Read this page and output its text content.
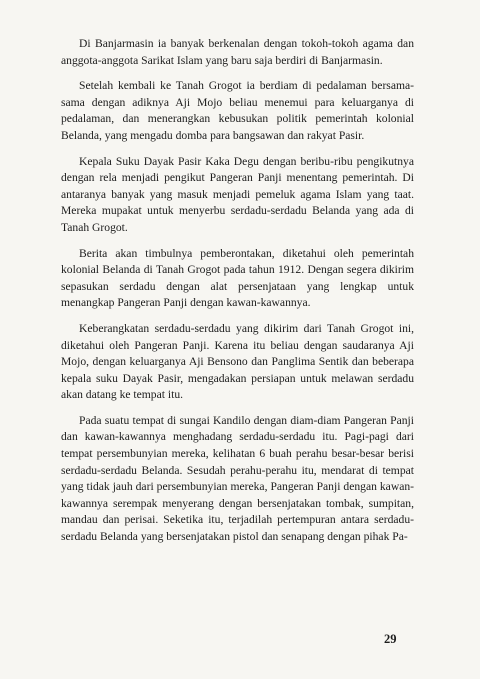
Di Banjarmasin ia banyak berkenalan dengan tokoh-tokoh agama dan anggota-anggota Sarikat Islam yang baru saja berdiri di Banjarmasin.

Setelah kembali ke Tanah Grogot ia berdiam di pedalaman bersama-sama dengan adiknya Aji Mojo beliau menemui para keluarganya di pedalaman, dan menerangkan kebusukan politik pemerintah kolonial Belanda, yang mengadu domba para bangsawan dan rakyat Pasir.

Kepala Suku Dayak Pasir Kaka Degu dengan beribu-ribu pengikutnya dengan rela menjadi pengikut Pangeran Panji menentang pemerintah. Di antaranya banyak yang masuk menjadi pemeluk agama Islam yang taat. Mereka mupakat untuk menyerbu serdadu-serdadu Belanda yang ada di Tanah Grogot.

Berita akan timbulnya pemberontakan, diketahui oleh pemerintah kolonial Belanda di Tanah Grogot pada tahun 1912. Dengan segera dikirim sepasukan serdadu dengan alat persenjataan yang lengkap untuk menangkap Pangeran Panji dengan kawan-kawannya.

Keberangkatan serdadu-serdadu yang dikirim dari Tanah Grogot ini, diketahui oleh Pangeran Panji. Karena itu beliau dengan saudaranya Aji Mojo, dengan keluarganya Aji Bensono dan Panglima Sentik dan beberapa kepala suku Dayak Pasir, mengadakan persiapan untuk melawan serdadu akan datang ke tempat itu.

Pada suatu tempat di sungai Kandilo dengan diam-diam Pangeran Panji dan kawan-kawannya menghadang serdadu-serdadu itu. Pagi-pagi dari tempat persembunyian mereka, kelihatan 6 buah perahu besar-besar berisi serdadu-serdadu Belanda. Sesudah perahu-perahu itu, mendarat di tempat yang tidak jauh dari persembunyian mereka, Pangeran Panji dengan kawan-kawannya serempak menyerang dengan bersenjatakan tombak, sumpitan, mandau dan perisai. Seketika itu, terjadilah pertempuran antara serdadu-serdadu Belanda yang bersenjatakan pistol dan senapang dengan pihak Pa-

29
